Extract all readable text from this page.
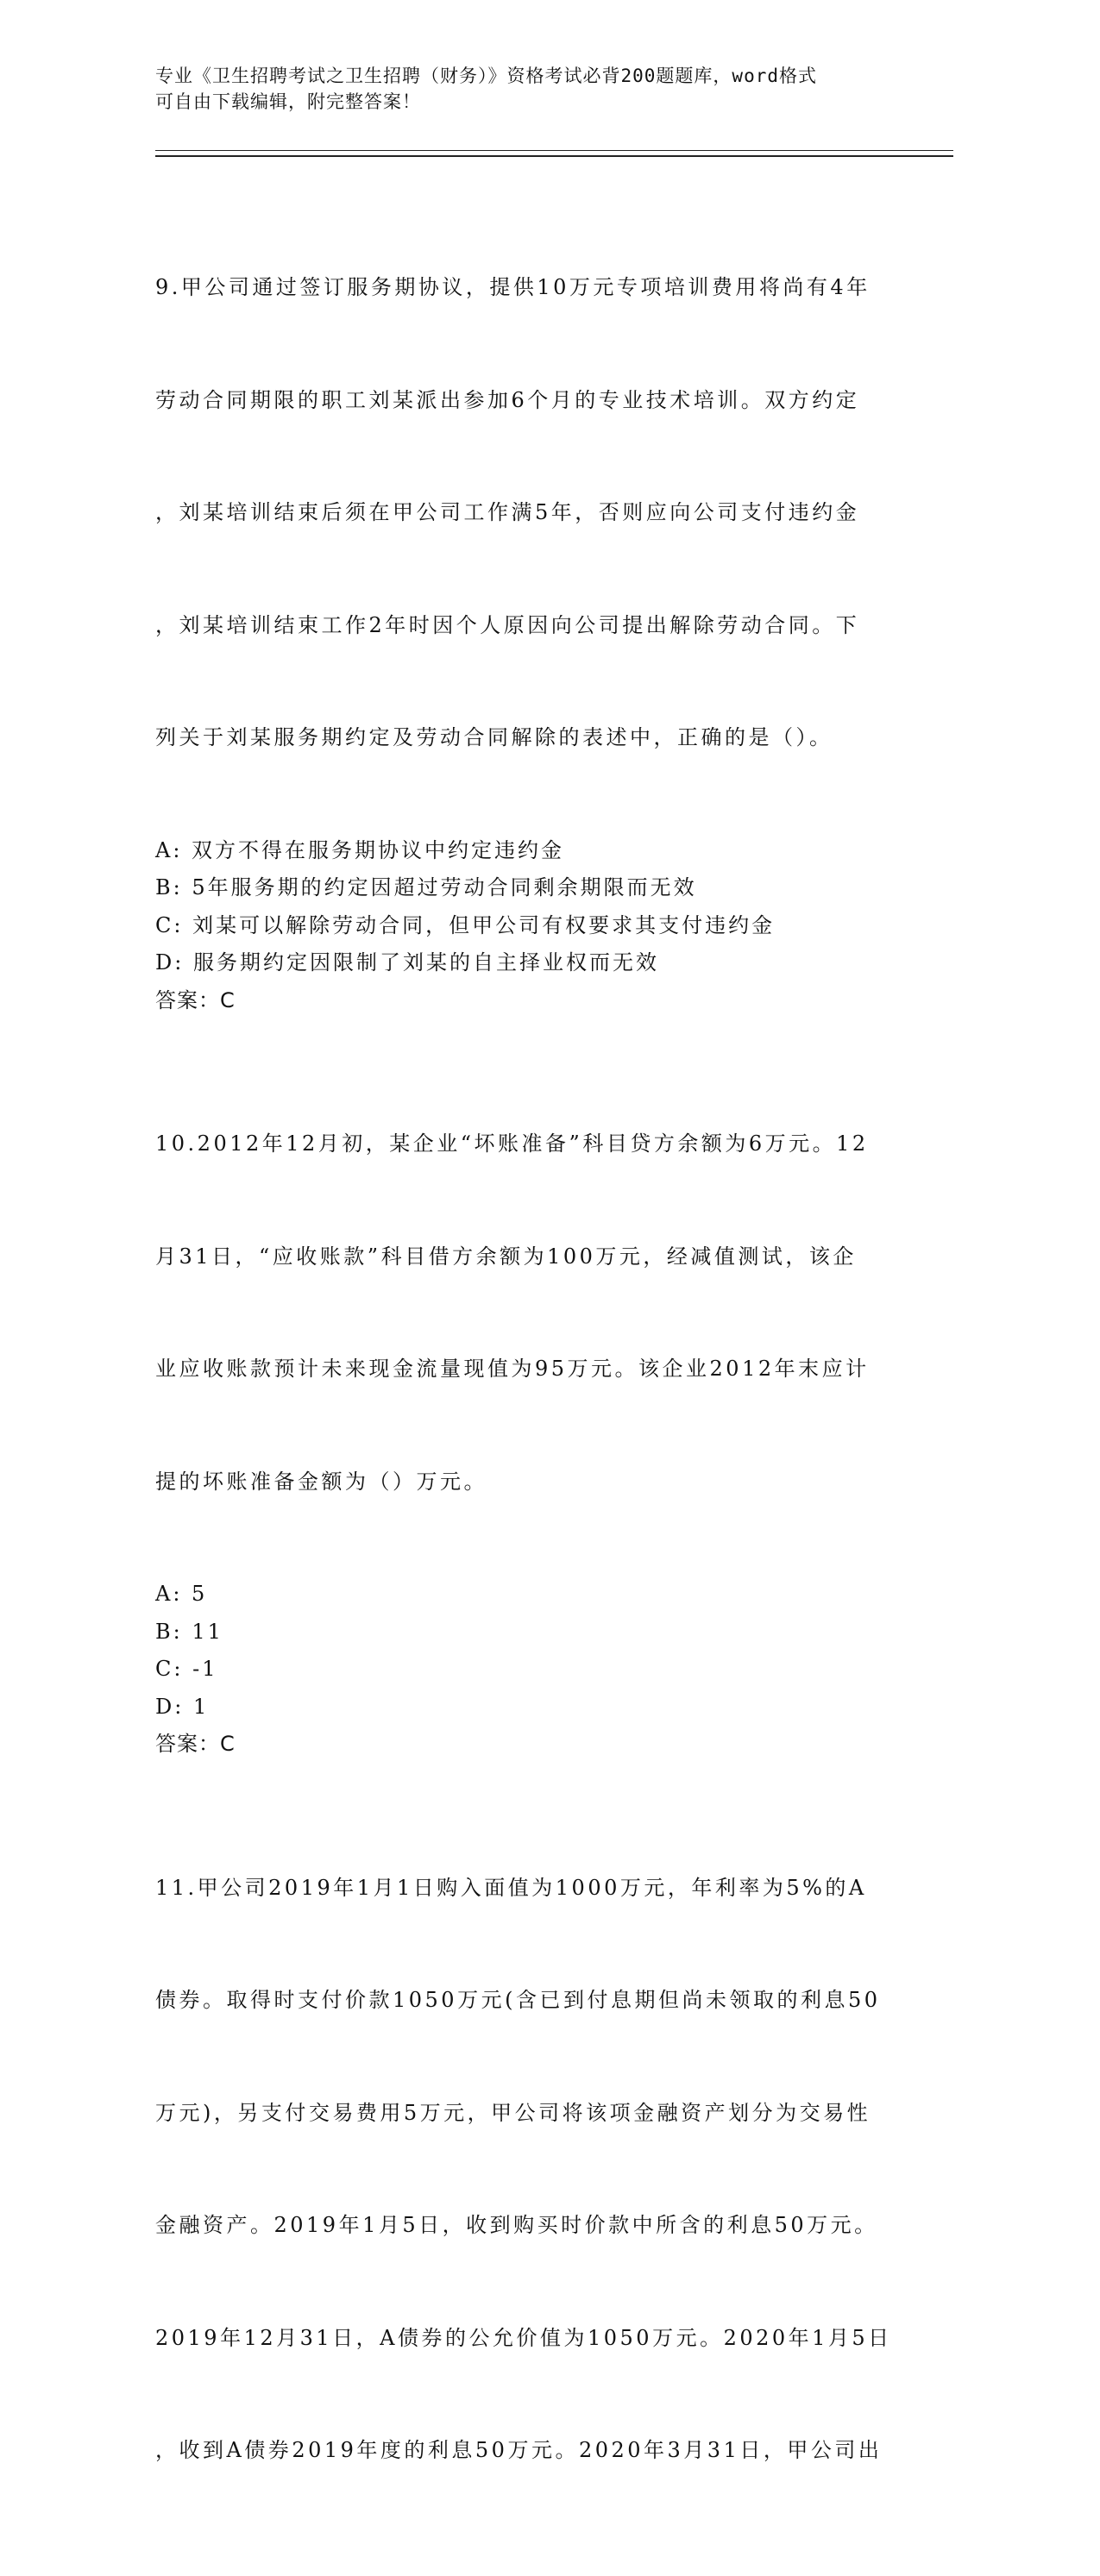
专业《卫生招聘考试之卫生招聘（财务）》资格考试必背200题题库，word格式
可自由下载编辑，附完整答案！

9.甲公司通过签订服务期协议，提供10万元专项培训费用将尚有4年

劳动合同期限的职工刘某派出参加6个月的专业技术培训。双方约定

，刘某培训结束后须在甲公司工作满5年，否则应向公司支付违约金

，刘某培训结束工作2年时因个人原因向公司提出解除劳动合同。下

列关于刘某服务期约定及劳动合同解除的表述中，正确的是（）。

A: 双方不得在服务期协议中约定违约金
B: 5年服务期的约定因超过劳动合同剩余期限而无效
C: 刘某可以解除劳动合同，但甲公司有权要求其支付违约金
D: 服务期约定因限制了刘某的自主择业权而无效
答案：C

10.2012年12月初，某企业“坏账准备”科目贷方余额为6万元。12

月31日，“应收账款”科目借方余额为100万元，经减值测试，该企

业应收账款预计未来现金流量现值为95万元。该企业2012年末应计

提的坏账准备金额为（）万元。

A: 5
B: 11
C: -1
D: 1
答案：C

11.甲公司2019年1月1日购入面值为1000万元，年利率为5%的A

债券。取得时支付价款1050万元(含已到付息期但尚未领取的利息50

万元)，另支付交易费用5万元，甲公司将该项金融资产划分为交易性

金融资产。2019年1月5日，收到购买时价款中所含的利息50万元。

2019年12月31日，A债券的公允价值为1050万元。2020年1月5日

，收到A债券2019年度的利息50万元。2020年3月31日，甲公司出
